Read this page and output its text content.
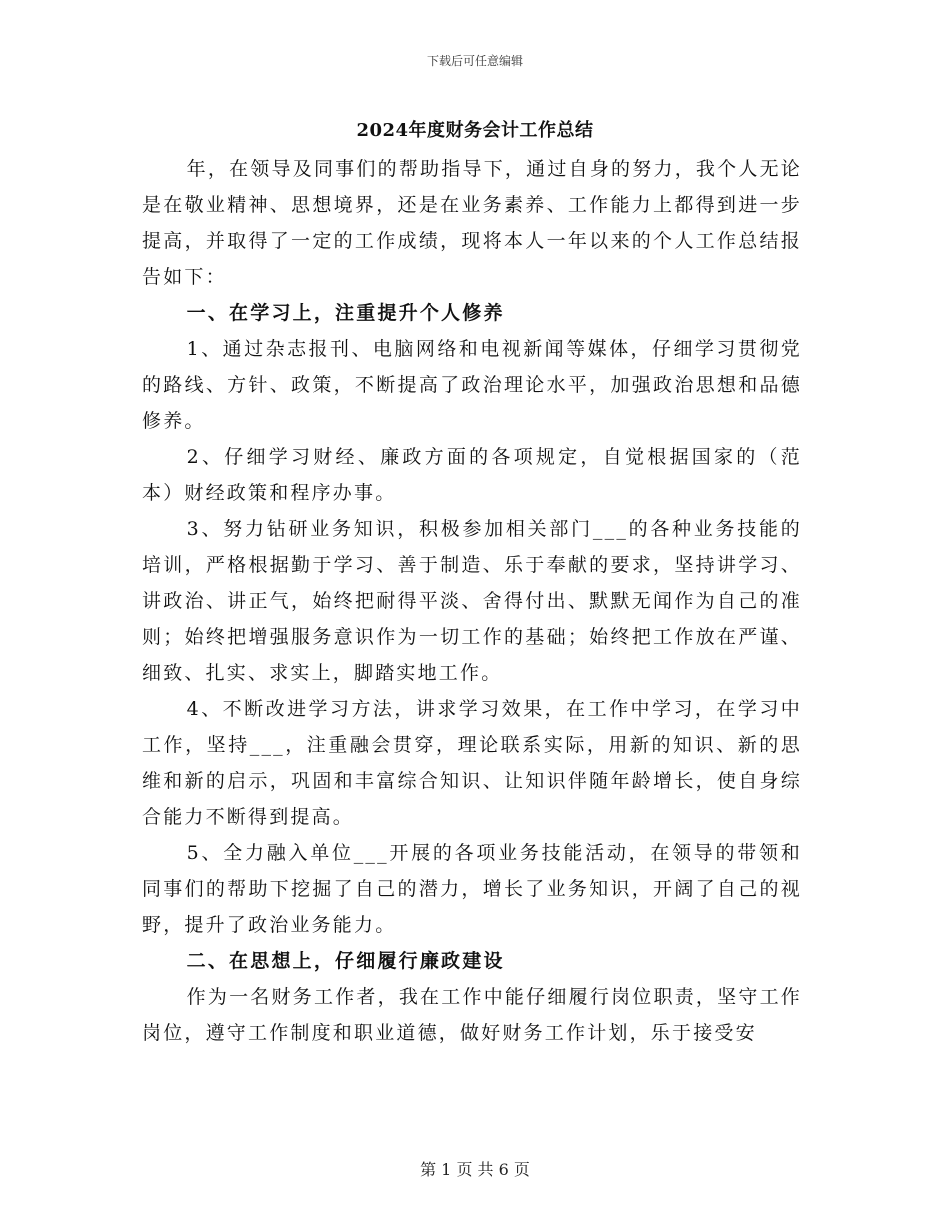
下载后可任意编辑
2024年度财务会计工作总结

年，在领导及同事们的帮助指导下，通过自身的努力，我个人无论是在敬业精神、思想境界，还是在业务素养、工作能力上都得到进一步提高，并取得了一定的工作成绩，现将本人一年以来的个人工作总结报告如下：

一、在学习上，注重提升个人修养

1、通过杂志报刊、电脑网络和电视新闻等媒体，仔细学习贯彻党的路线、方针、政策，不断提高了政治理论水平，加强政治思想和品德修养。

2、仔细学习财经、廉政方面的各项规定，自觉根据国家的（范本）财经政策和程序办事。

3、努力钻研业务知识，积极参加相关部门___的各种业务技能的培训，严格根据勤于学习、善于制造、乐于奉献的要求，坚持讲学习、讲政治、讲正气，始终把耐得平淡、舍得付出、默默无闻作为自己的准则；始终把增强服务意识作为一切工作的基础；始终把工作放在严谨、细致、扎实、求实上，脚踏实地工作。

4、不断改进学习方法，讲求学习效果，在工作中学习，在学习中工作，坚持___，注重融会贯穿，理论联系实际，用新的知识、新的思维和新的启示，巩固和丰富综合知识、让知识伴随年龄增长，使自身综合能力不断得到提高。

5、全力融入单位___开展的各项业务技能活动，在领导的带领和同事们的帮助下挖掘了自己的潜力，增长了业务知识，开阔了自己的视野，提升了政治业务能力。

二、在思想上，仔细履行廉政建设

作为一名财务工作者，我在工作中能仔细履行岗位职责，坚守工作岗位，遵守工作制度和职业道德，做好财务工作计划，乐于接受安

第 1 页 共 6 页
